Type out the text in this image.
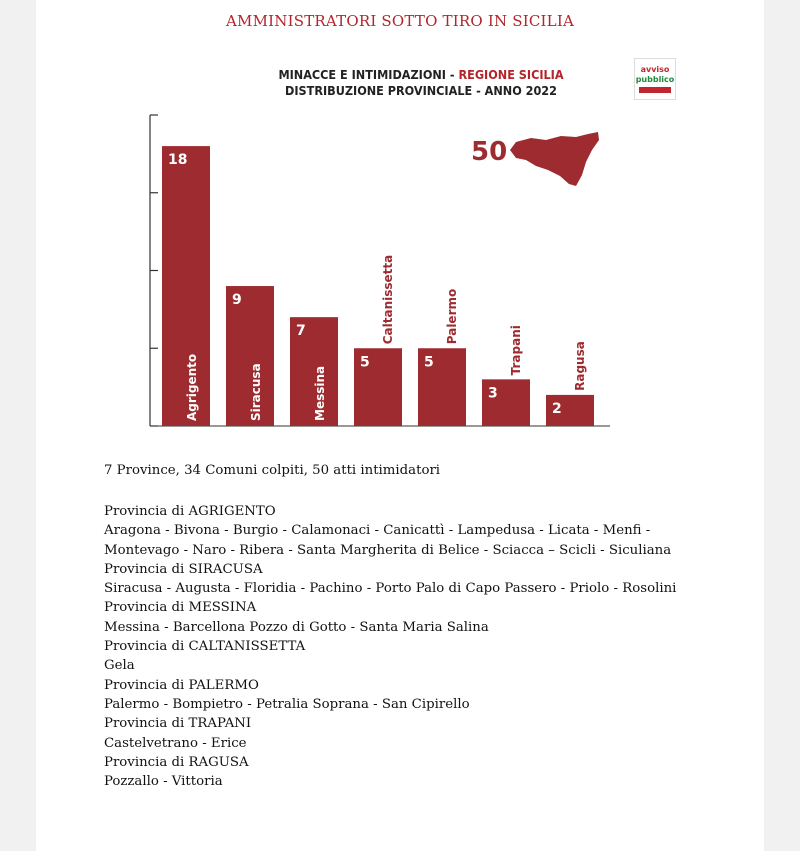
AMMINISTRATORI SOTTO TIRO IN SICILIA
MINACCE E INTIMIDAZIONI - REGIONE SICILIA
DISTRIBUZIONE PROVINCIALE - ANNO 2022
avviso
pubblico
18
Agrigento
9
Siracusa
7
Messina
5
Caltanissetta
5
Palermo
3
Trapani
2
Ragusa
50
7 Province, 34 Comuni colpiti, 50 atti intimidatori

Provincia di AGRIGENTO

Aragona - Bivona - Burgio - Calamonaci - Canicattì - Lampedusa - Licata - Menfi - Montevago - Naro - Ribera - Santa Margherita di Belice - Sciacca – Scicli - Siculiana

Provincia di SIRACUSA

Siracusa - Augusta - Floridia - Pachino - Porto Palo di Capo Passero - Priolo - Rosolini

Provincia di MESSINA

Messina - Barcellona Pozzo di Gotto - Santa Maria Salina

Provincia di CALTANISSETTA

Gela

Provincia di PALERMO

Palermo - Bompietro - Petralia Soprana - San Cipirello

Provincia di TRAPANI

Castelvetrano - Erice

Provincia di RAGUSA

Pozzallo - Vittoria
